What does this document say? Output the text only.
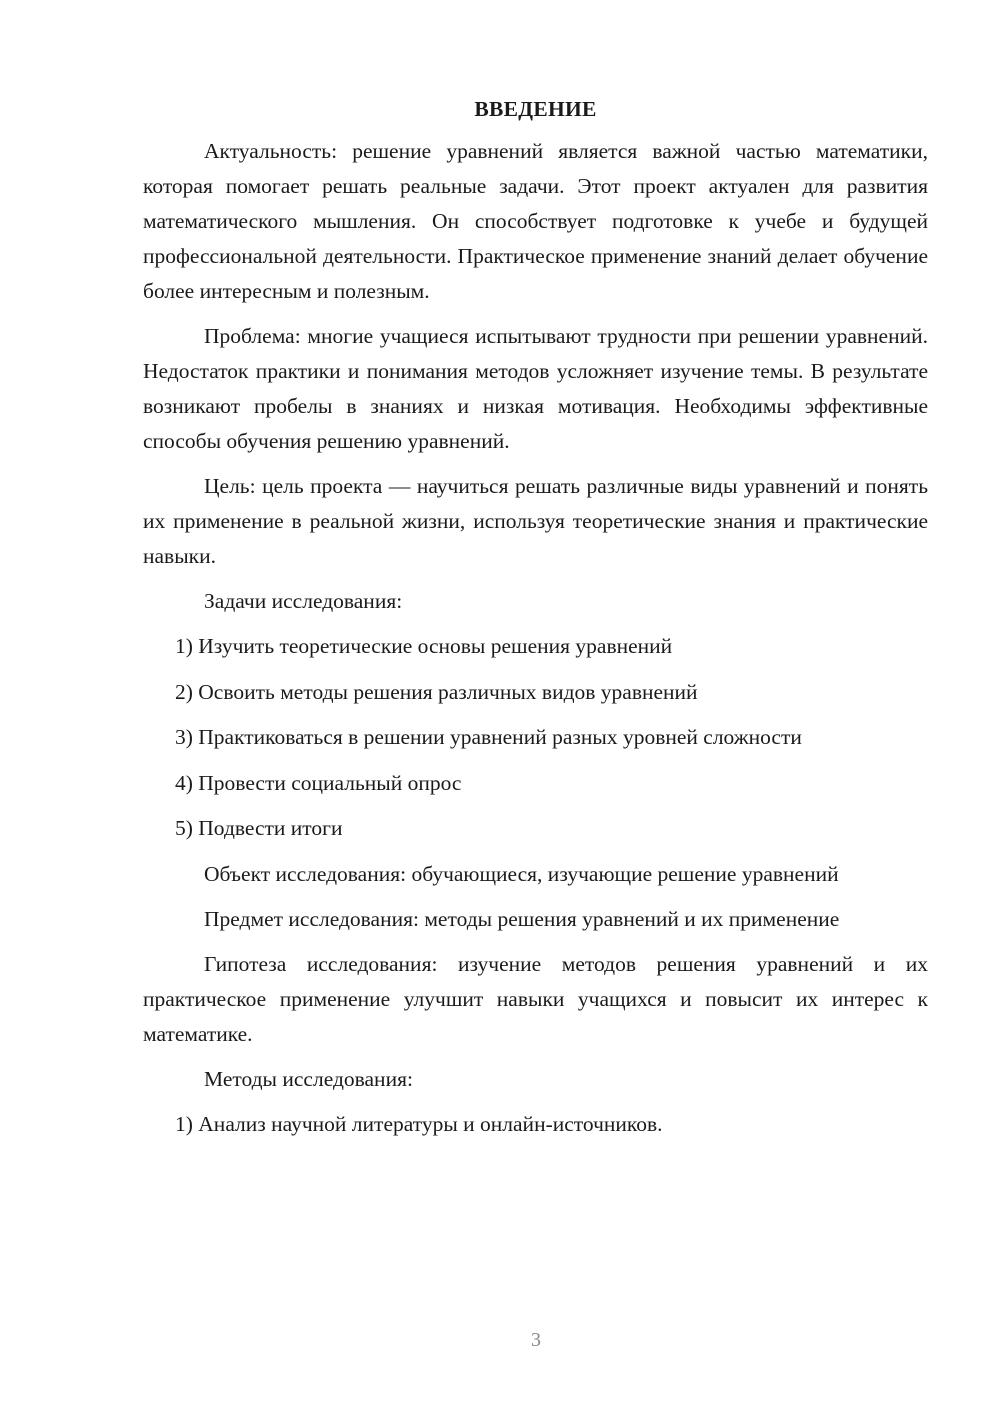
ВВЕДЕНИЕ

Актуальность: решение уравнений является важной частью математики, которая помогает решать реальные задачи. Этот проект актуален для развития математического мышления. Он способствует подготовке к учебе и будущей профессиональной деятельности. Практическое применение знаний делает обучение более интересным и полезным.

Проблема: многие учащиеся испытывают трудности при решении уравнений. Недостаток практики и понимания методов усложняет изучение темы. В результате возникают пробелы в знаниях и низкая мотивация. Необходимы эффективные способы обучения решению уравнений.

Цель: цель проекта — научиться решать различные виды уравнений и понять их применение в реальной жизни, используя теоретические знания и практические навыки.

Задачи исследования:

1) Изучить теоретические основы решения уравнений
2) Освоить методы решения различных видов уравнений
3) Практиковаться в решении уравнений разных уровней сложности
4) Провести социальный опрос
5) Подвести итоги

Объект исследования: обучающиеся, изучающие решение уравнений

Предмет исследования: методы решения уравнений и их применение

Гипотеза исследования: изучение методов решения уравнений и их практическое применение улучшит навыки учащихся и повысит их интерес к математике.

Методы исследования:

1) Анализ научной литературы и онлайн-источников.
3
